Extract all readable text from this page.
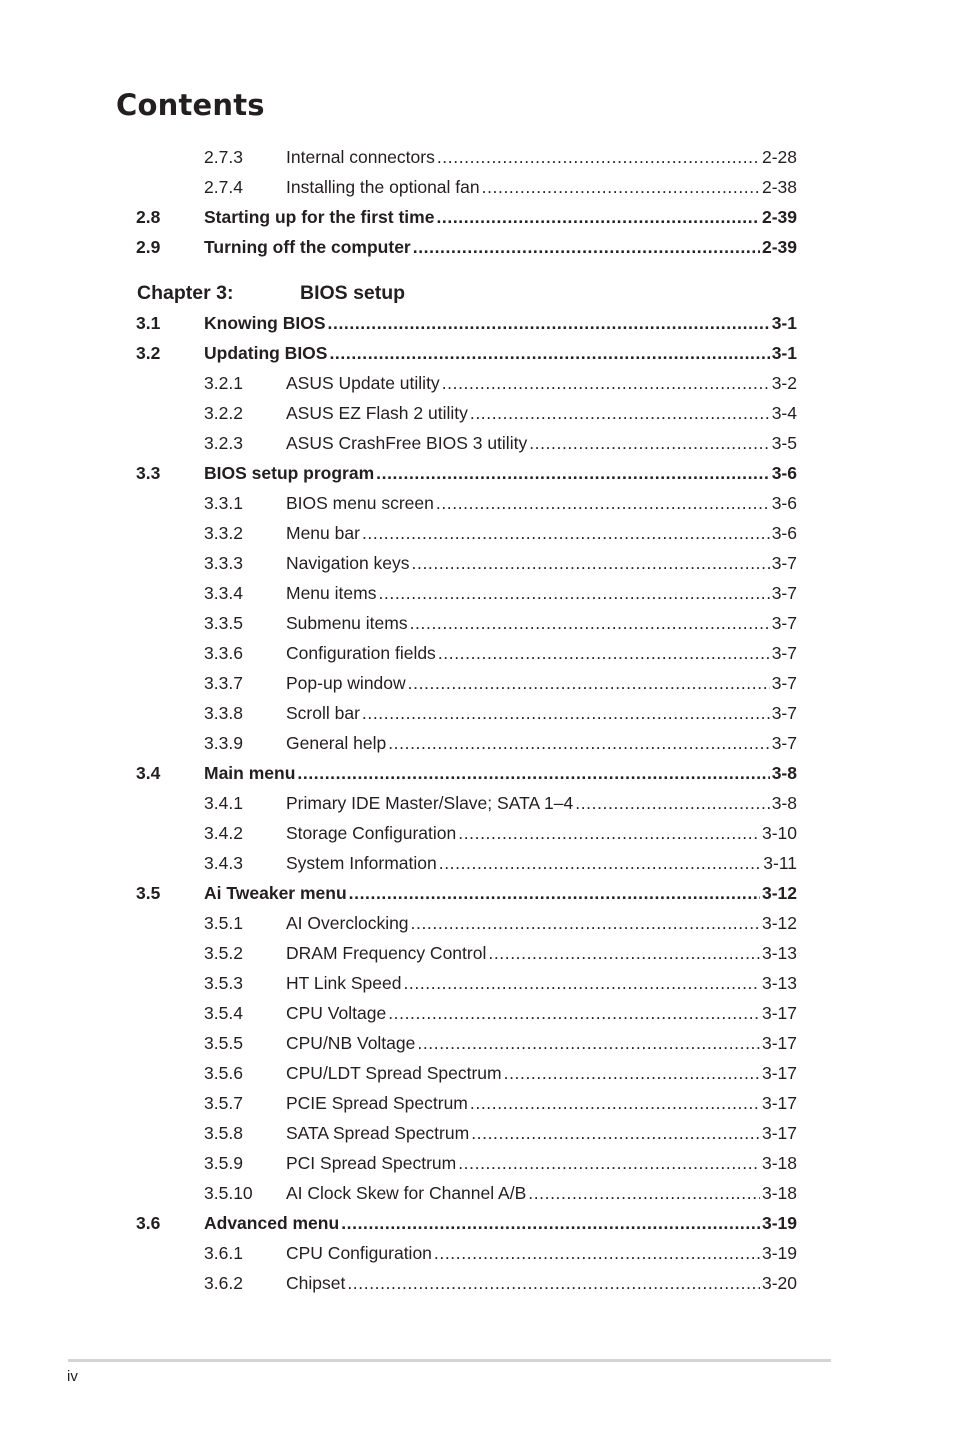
Contents
2.7.3	Internal connectors .....	2-28
2.7.4	Installing the optional fan .....	2-38
2.8	Starting up for the first time .....	2-39
2.9	Turning off the computer .....	2-39
Chapter 3:	BIOS setup
3.1	Knowing BIOS .....	3-1
3.2	Updating BIOS .....	3-1
3.2.1	ASUS Update utility .....	3-2
3.2.2	ASUS EZ Flash 2 utility .....	3-4
3.2.3	ASUS CrashFree BIOS 3 utility .....	3-5
3.3	BIOS setup program .....	3-6
3.3.1	BIOS menu screen .....	3-6
3.3.2	Menu bar .....	3-6
3.3.3	Navigation keys .....	3-7
3.3.4	Menu items .....	3-7
3.3.5	Submenu items .....	3-7
3.3.6	Configuration fields .....	3-7
3.3.7	Pop-up window .....	3-7
3.3.8	Scroll bar .....	3-7
3.3.9	General help .....	3-7
3.4	Main menu .....	3-8
3.4.1	Primary IDE Master/Slave; SATA 1–4 .....	3-8
3.4.2	Storage Configuration .....	3-10
3.4.3	System Information .....	3-11
3.5	Ai Tweaker menu .....	3-12
3.5.1	AI Overclocking .....	3-12
3.5.2	DRAM Frequency Control .....	3-13
3.5.3	HT Link Speed .....	3-13
3.5.4	CPU Voltage .....	3-17
3.5.5	CPU/NB Voltage .....	3-17
3.5.6	CPU/LDT Spread Spectrum .....	3-17
3.5.7	PCIE Spread Spectrum .....	3-17
3.5.8	SATA Spread Spectrum .....	3-17
3.5.9	PCI Spread Spectrum .....	3-18
3.5.10	AI Clock Skew for Channel A/B .....	3-18
3.6	Advanced menu .....	3-19
3.6.1	CPU Configuration .....	3-19
3.6.2	Chipset .....	3-20
iv
